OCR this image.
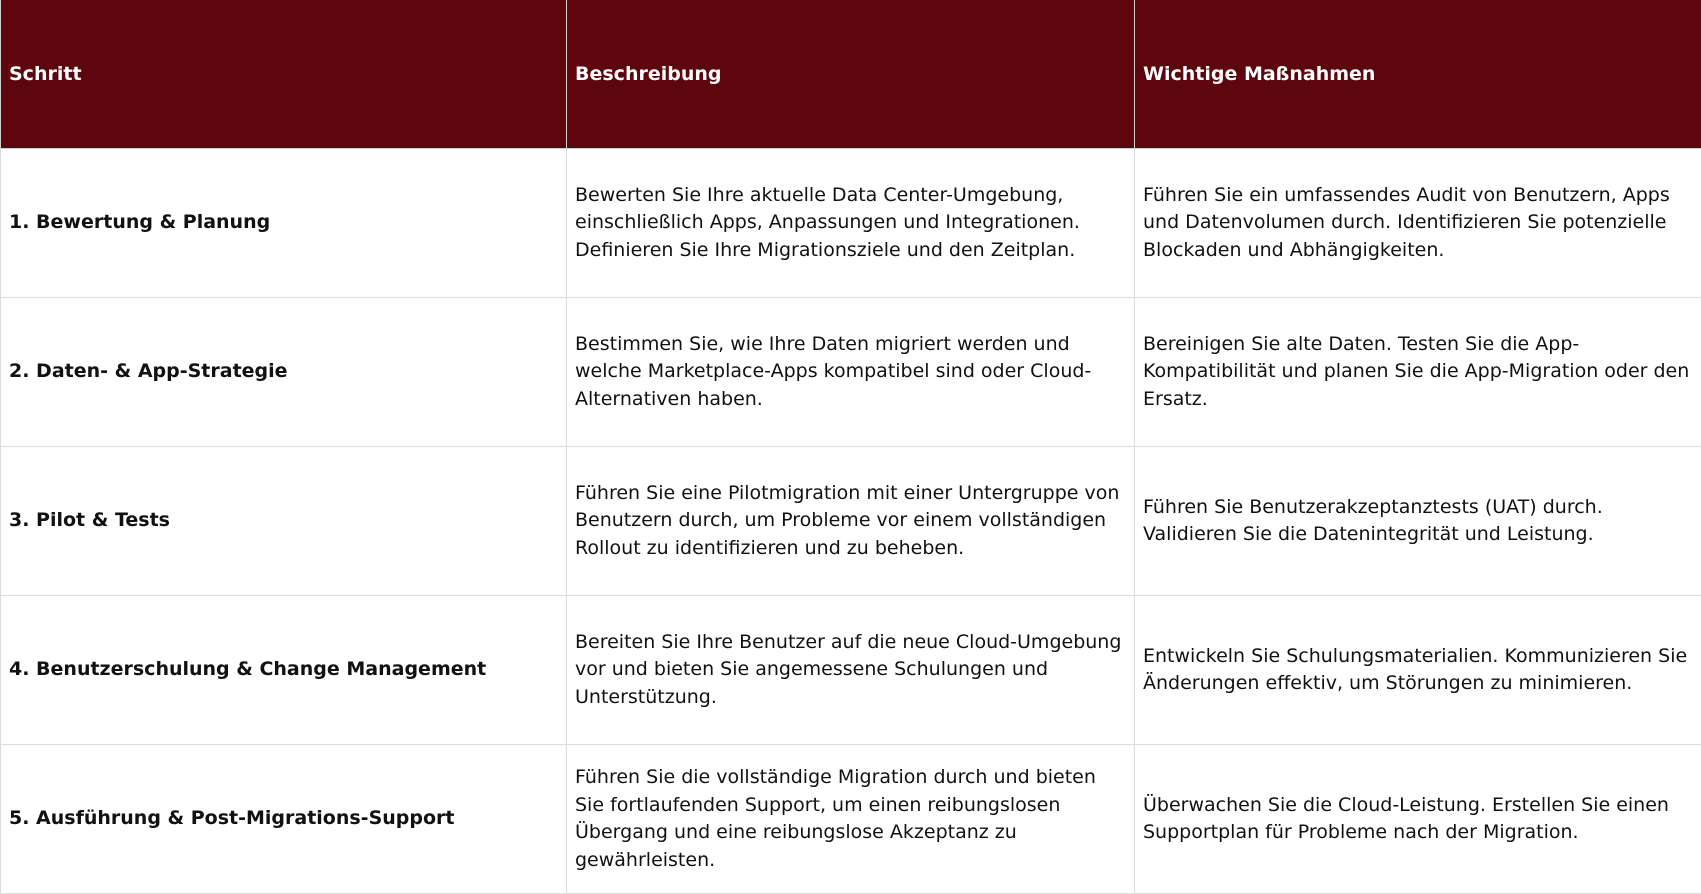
Schritt	Beschreibung	Wichtige Maßnahmen
1. Bewertung & Planung	Bewerten Sie Ihre aktuelle Data Center-Umgebung, einschließlich Apps, Anpassungen und Integrationen. Definieren Sie Ihre Migrationsziele und den Zeitplan.	Führen Sie ein umfassendes Audit von Benutzern, Apps und Datenvolumen durch. Identifizieren Sie potenzielle Blockaden und Abhängigkeiten.
2. Daten- & App-Strategie	Bestimmen Sie, wie Ihre Daten migriert werden und welche Marketplace-Apps kompatibel sind oder Cloud-Alternativen haben.	Bereinigen Sie alte Daten. Testen Sie die App-Kompatibilität und planen Sie die App-Migration oder den Ersatz.
3. Pilot & Tests	Führen Sie eine Pilotmigration mit einer Untergruppe von Benutzern durch, um Probleme vor einem vollständigen Rollout zu identifizieren und zu beheben.	Führen Sie Benutzerakzeptanztests (UAT) durch. Validieren Sie die Datenintegrität und Leistung.
4. Benutzerschulung & Change Management	Bereiten Sie Ihre Benutzer auf die neue Cloud-Umgebung vor und bieten Sie angemessene Schulungen und Unterstützung.	Entwickeln Sie Schulungsmaterialien. Kommunizieren Sie Änderungen effektiv, um Störungen zu minimieren.
5. Ausführung & Post-Migrations-Support	Führen Sie die vollständige Migration durch und bieten Sie fortlaufenden Support, um einen reibungslosen Übergang und eine reibungslose Akzeptanz zu gewährleisten.	Überwachen Sie die Cloud-Leistung. Erstellen Sie einen Supportplan für Probleme nach der Migration.
